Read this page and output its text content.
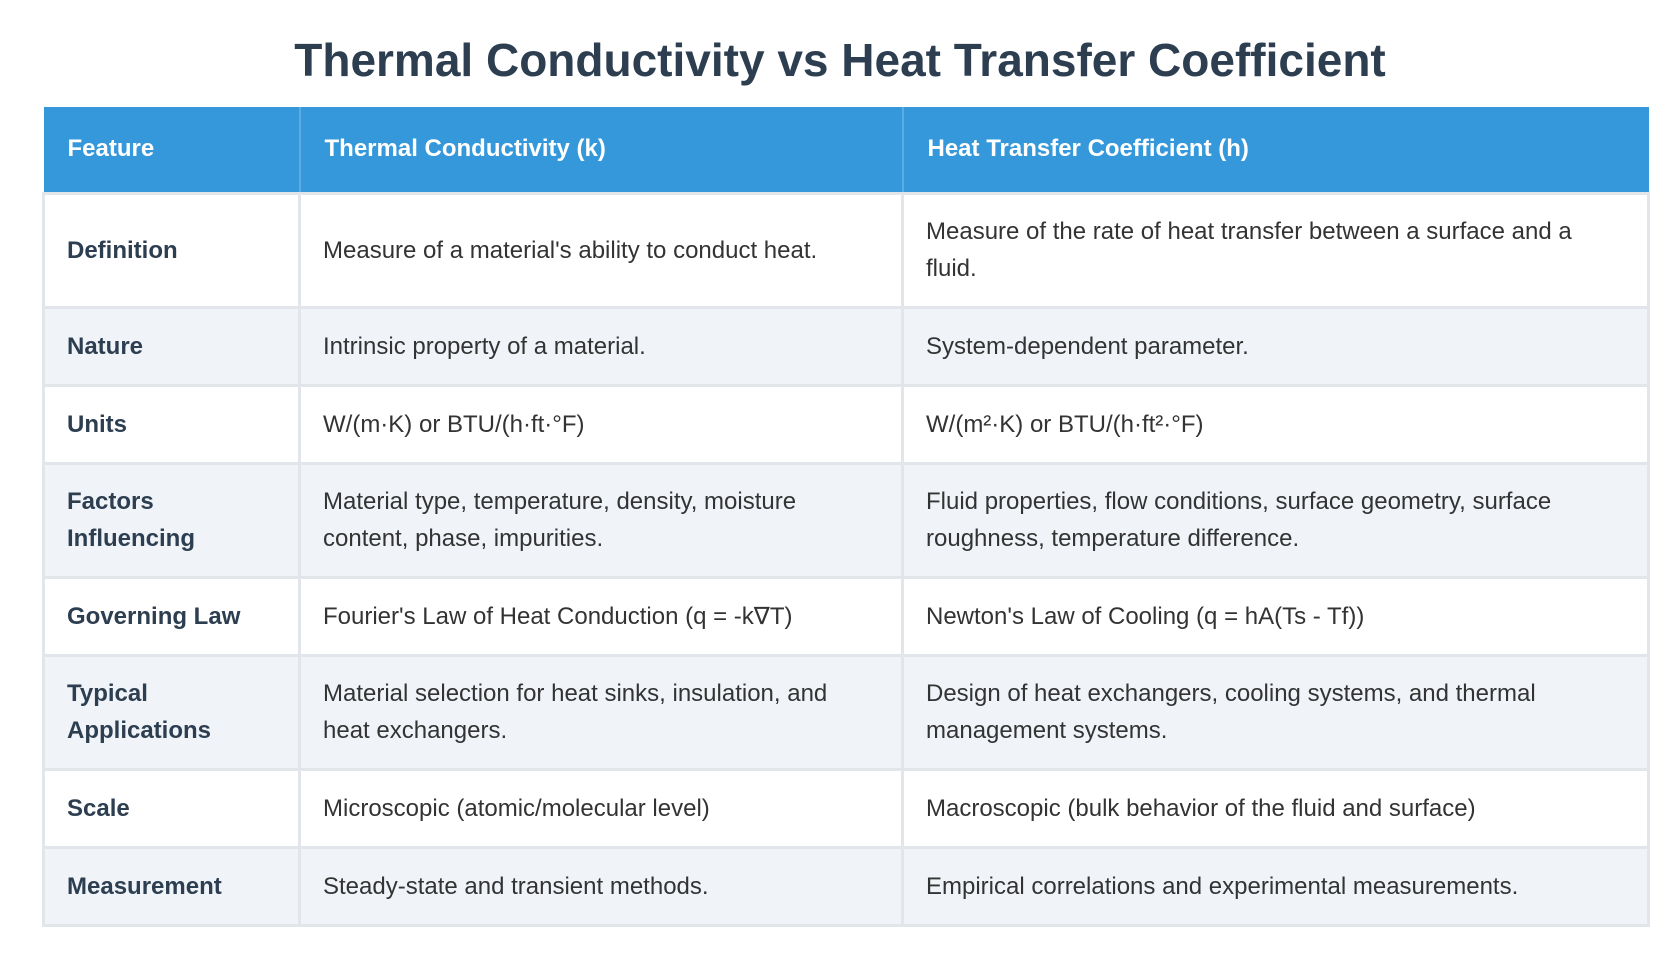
Thermal Conductivity vs Heat Transfer Coefficient
Feature	Thermal Conductivity (k)	Heat Transfer Coefficient (h)
Definition	Measure of a material's ability to conduct heat.	Measure of the rate of heat transfer between a surface and a fluid.
Nature	Intrinsic property of a material.	System-dependent parameter.
Units	W/(m·K) or BTU/(h·ft·°F)	W/(m²·K) or BTU/(h·ft²·°F)
Factors Influencing	Material type, temperature, density, moisture content, phase, impurities.	Fluid properties, flow conditions, surface geometry, surface roughness, temperature difference.
Governing Law	Fourier's Law of Heat Conduction (q = -k∇T)	Newton's Law of Cooling (q = hA(Ts - Tf))
Typical Applications	Material selection for heat sinks, insulation, and heat exchangers.	Design of heat exchangers, cooling systems, and thermal management systems.
Scale	Microscopic (atomic/molecular level)	Macroscopic (bulk behavior of the fluid and surface)
Measurement	Steady-state and transient methods.	Empirical correlations and experimental measurements.
